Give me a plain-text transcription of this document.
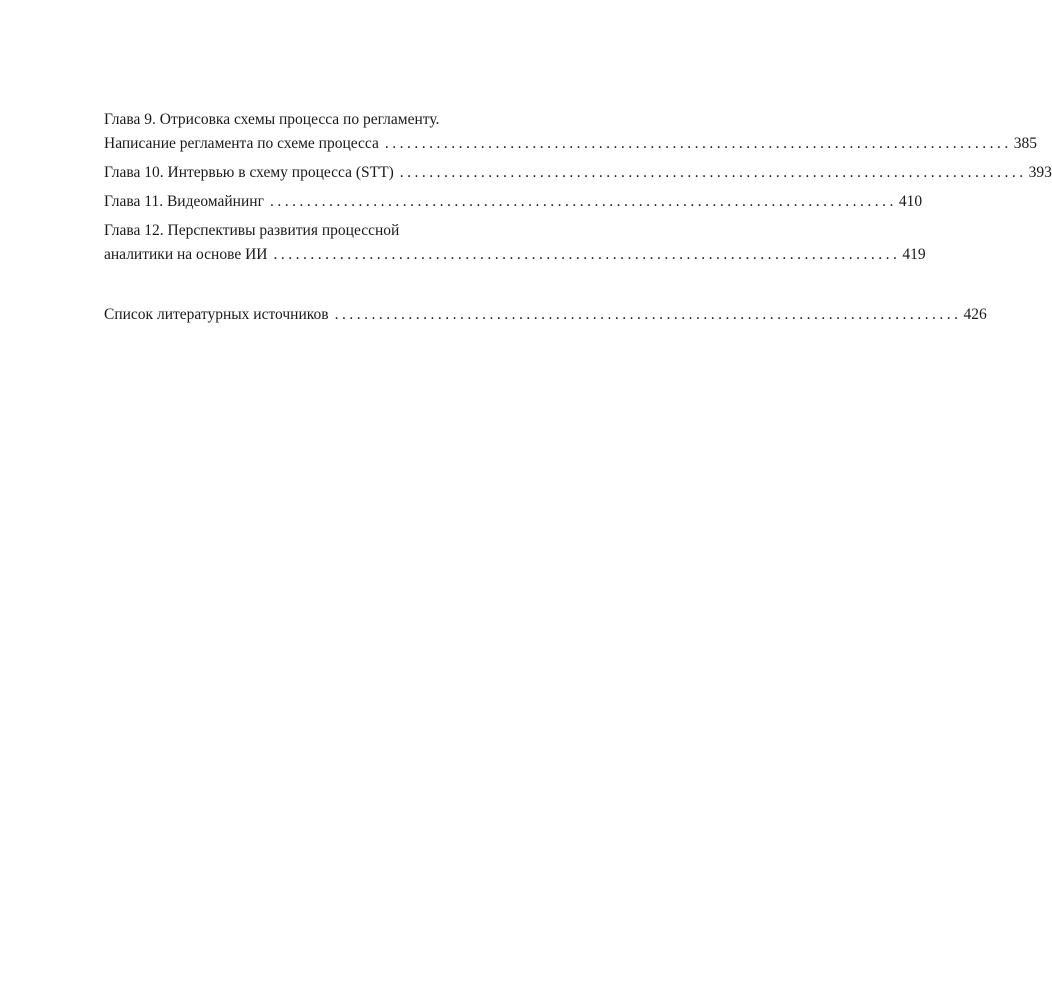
Глава 9. Отрисовка схемы процесса по регламенту.
Написание регламента по схеме процесса ..................................................................................... 385
Глава 10. Интервью в схему процесса (STT) ..................................................................................... 393
Глава 11. Видеомайнинг ..................................................................................... 410
Глава 12. Перспективы развития процессной
аналитики на основе ИИ ..................................................................................... 419
Список литературных источников ..................................................................................... 426
